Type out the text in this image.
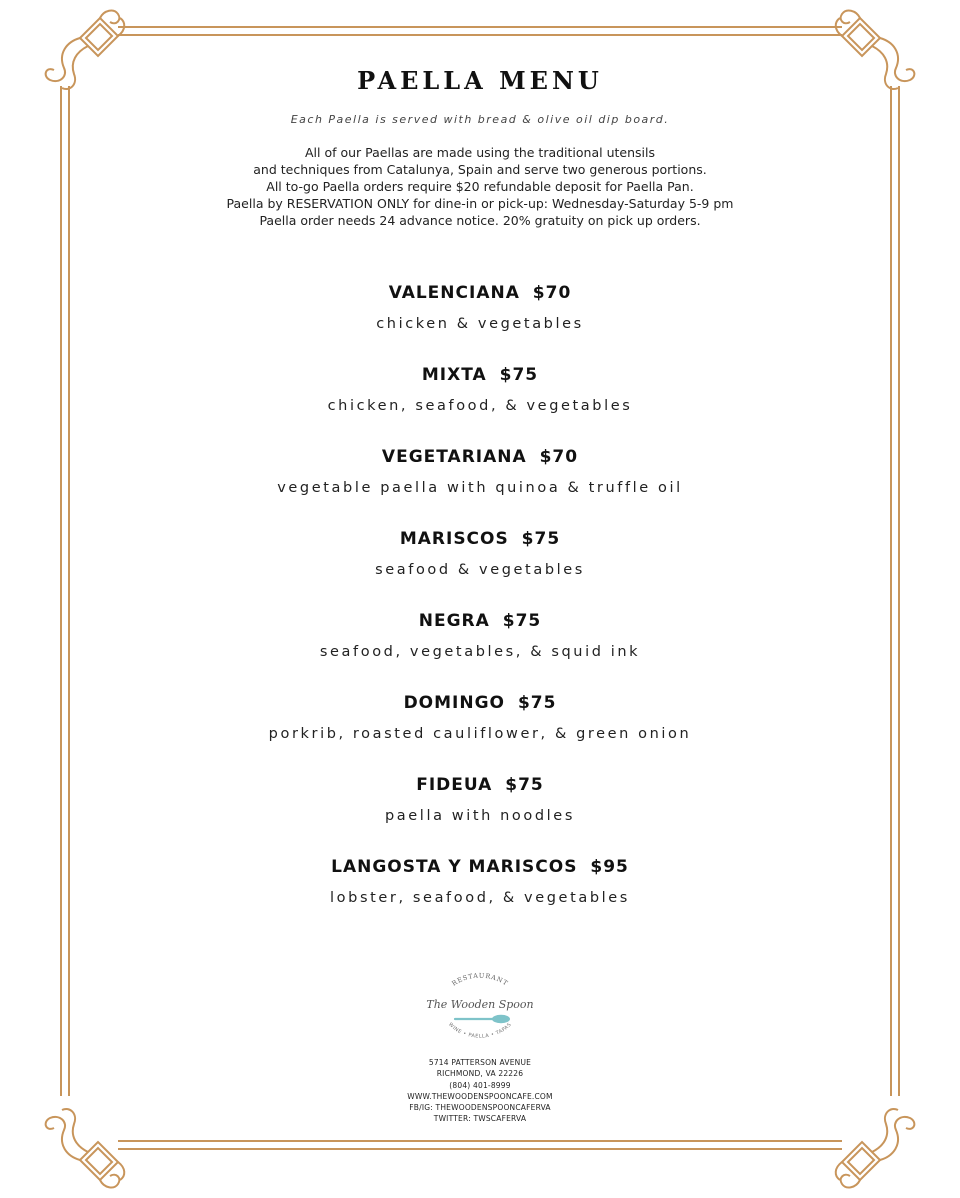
PAELLA MENU
Each Paella is served with bread & olive oil dip board.
All of our Paellas are made using the traditional utensils
and techniques from Catalunya, Spain and serve two generous portions.
All to-go Paella orders require $20 refundable deposit for Paella Pan.
Paella by RESERVATION ONLY for dine-in or pick-up: Wednesday-Saturday 5-9 pm
Paella order needs 24 advance notice. 20% gratuity on pick up orders.
VALENCIANA $70
chicken & vegetables
MIXTA $75
chicken, seafood, & vegetables
VEGETARIANA $70
vegetable paella with quinoa & truffle oil
MARISCOS $75
seafood & vegetables
NEGRA $75
seafood, vegetables, & squid ink
DOMINGO $75
porkrib, roasted cauliflower, & green onion
FIDEUA $75
paella with noodles
LANGOSTA Y MARISCOS $95
lobster, seafood, & vegetables
RESTAURANT
The Wooden Spoon
WINE • PAELLA • TAPAS
5714 PATTERSON AVENUE
RICHMOND, VA 22226
(804) 401-8999
WWW.THEWOODENSPOONCAFE.COM
FB/IG: THEWOODENSPOONCAFERVA
TWITTER: TWSCAFERVA
